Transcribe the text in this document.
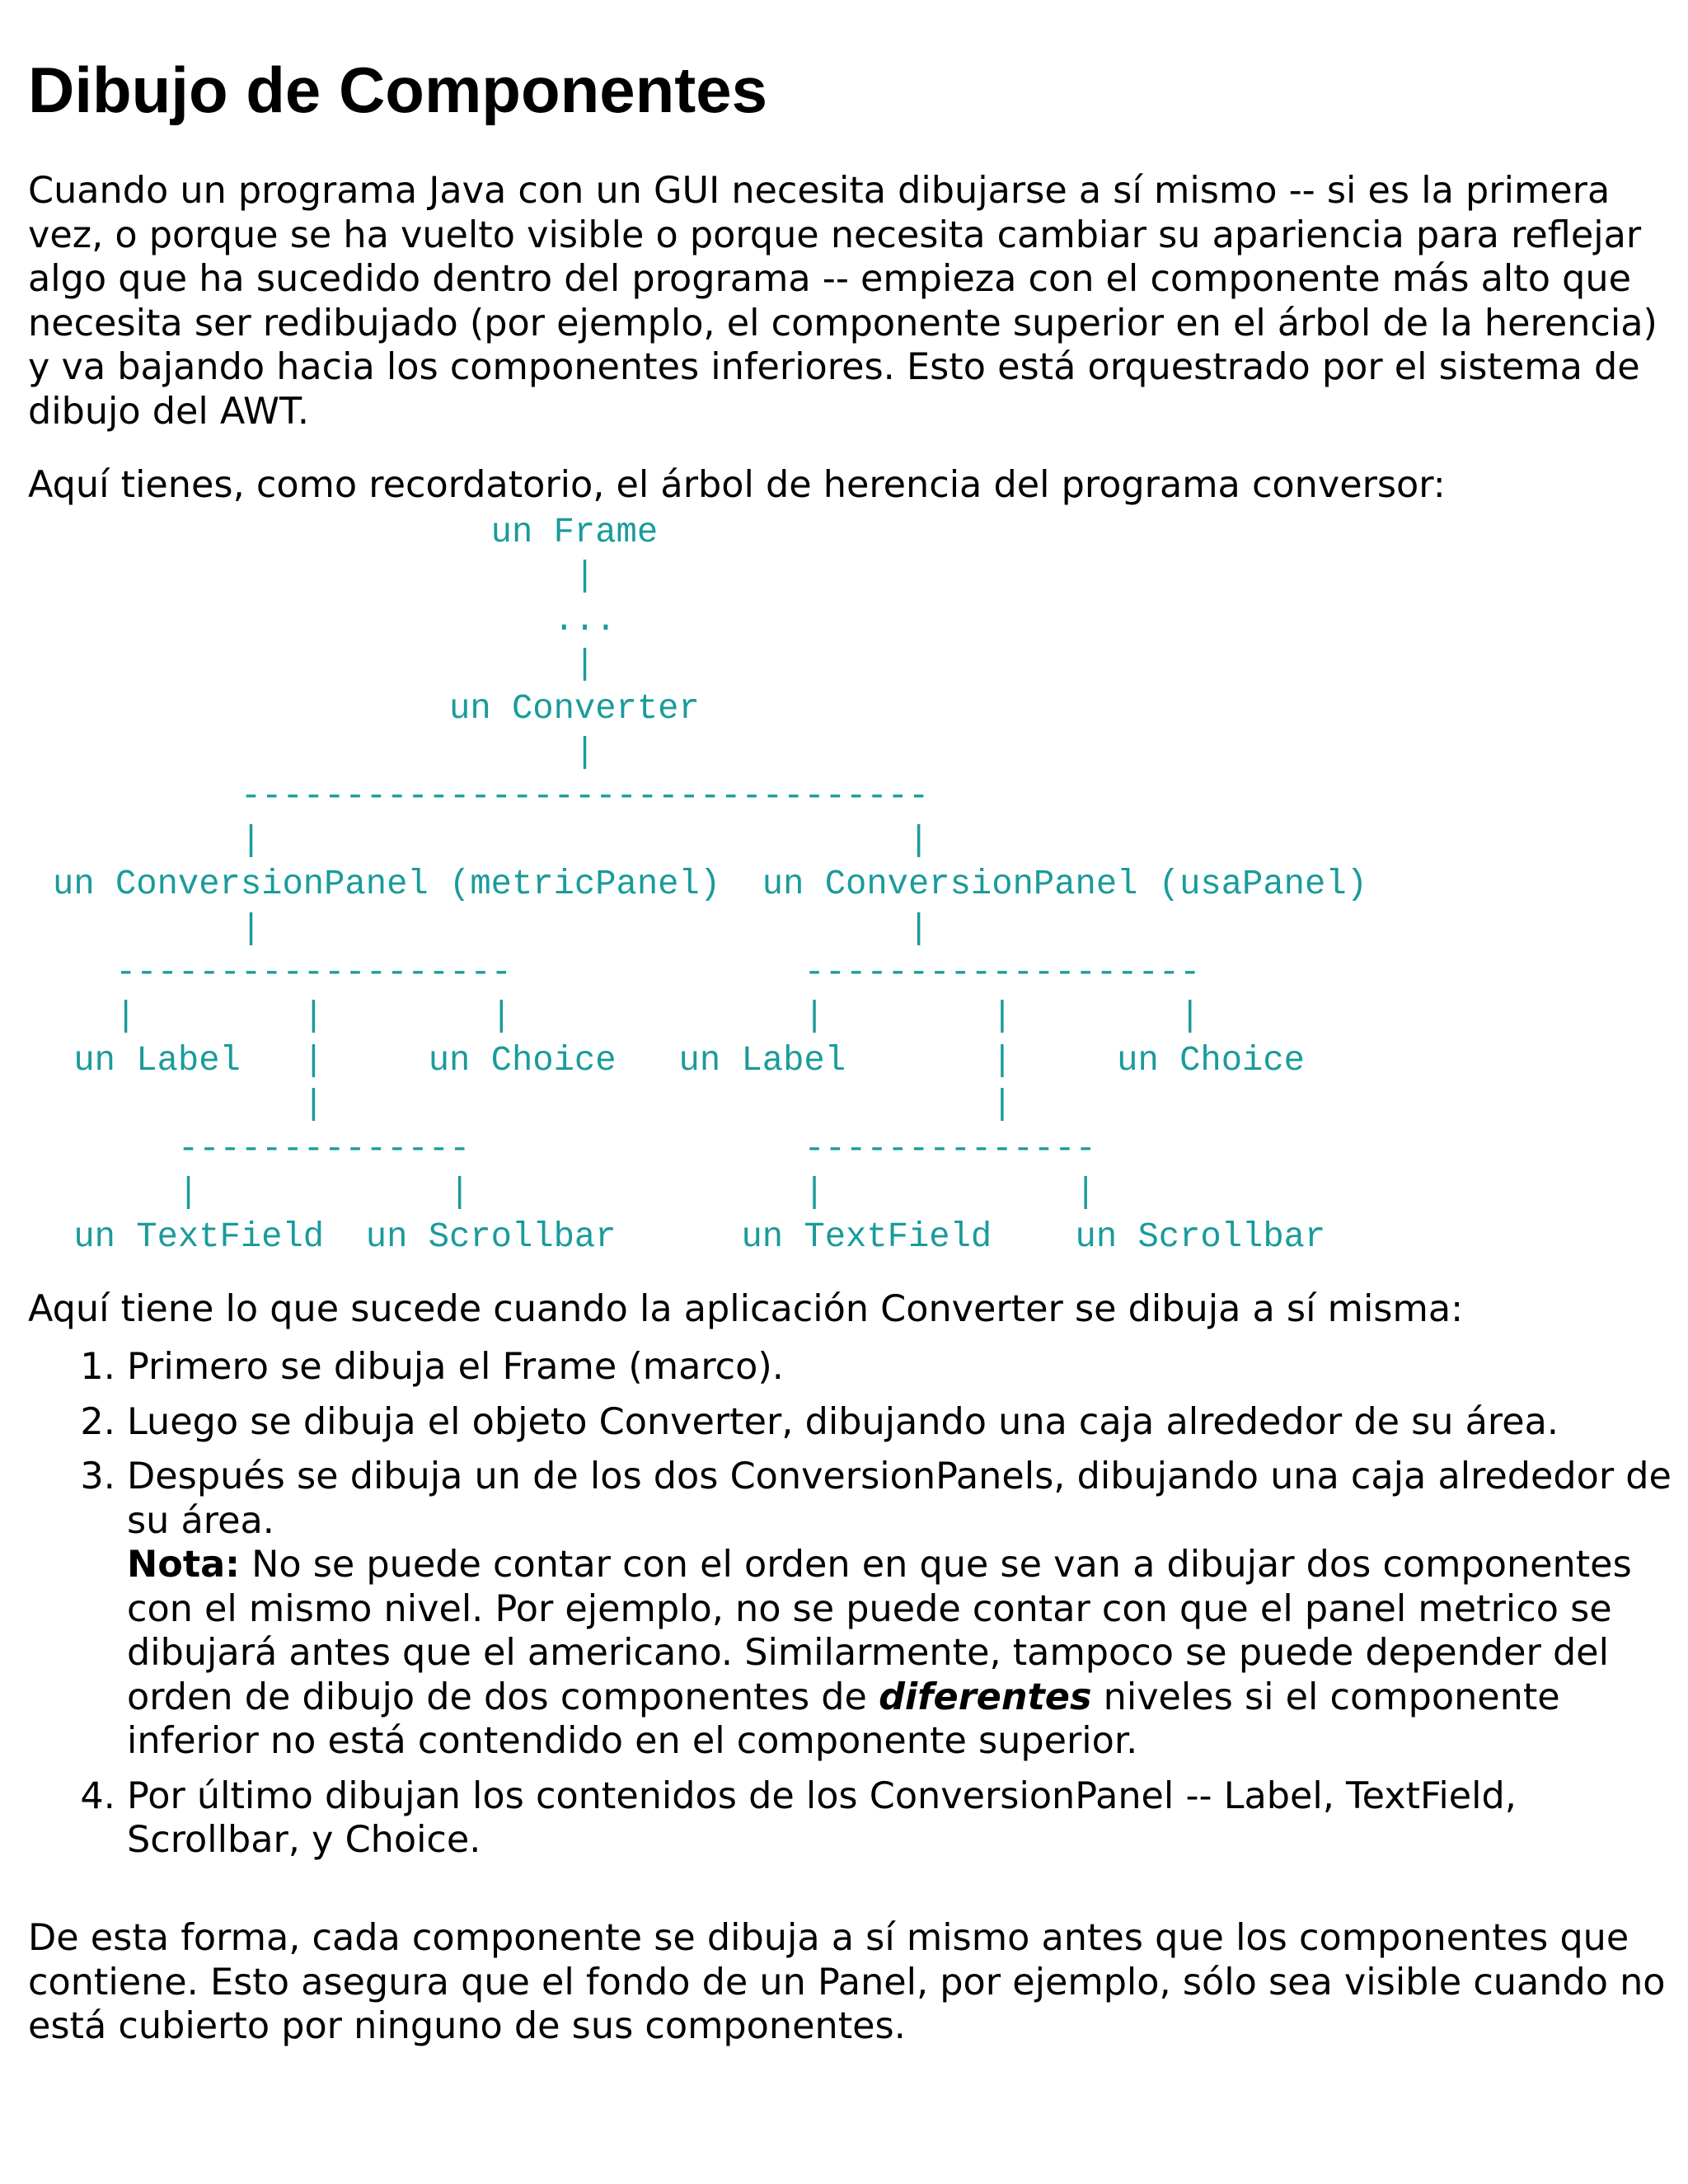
Dibujo de Componentes

Cuando un programa Java con un GUI necesita dibujarse a sí mismo -- si es la primera vez, o porque se ha vuelto visible o porque necesita cambiar su apariencia para reflejar algo que ha sucedido dentro del programa -- empieza con el componente más alto que necesita ser redibujado (por ejemplo, el componente superior en el árbol de la herencia) y va bajando hacia los componentes inferiores. Esto está orquestrado por el sistema de dibujo del AWT.

Aquí tienes, como recordatorio, el árbol de herencia del programa conversor:

un Frame
|
...
|
un Converter
|
---------------------------------
|                               |
un ConversionPanel (metricPanel)  un ConversionPanel (usaPanel)
|                               |
-------------------              -------------------
|        |        |              |        |        |
un Label   |     un Choice   un Label       |     un Choice
|                                |
--------------                --------------
|            |                |            |
un TextField  un Scrollbar      un TextField    un Scrollbar

Aquí tiene lo que sucede cuando la aplicación Converter se dibuja a sí misma:

1. Primero se dibuja el Frame (marco).
2. Luego se dibuja el objeto Converter, dibujando una caja alrededor de su área.
3. Después se dibuja un de los dos ConversionPanels, dibujando una caja alrededor de su área.
Nota: No se puede contar con el orden en que se van a dibujar dos componentes con el mismo nivel. Por ejemplo, no se puede contar con que el panel metrico se dibujará antes que el americano. Similarmente, tampoco se puede depender del orden de dibujo de dos componentes de diferentes niveles si el componente inferior no está contendido en el componente superior.
4. Por último dibujan los contenidos de los ConversionPanel -- Label, TextField, Scrollbar, y Choice.

De esta forma, cada componente se dibuja a sí mismo antes que los componentes que contiene. Esto asegura que el fondo de un Panel, por ejemplo, sólo sea visible cuando no está cubierto por ninguno de sus componentes.
